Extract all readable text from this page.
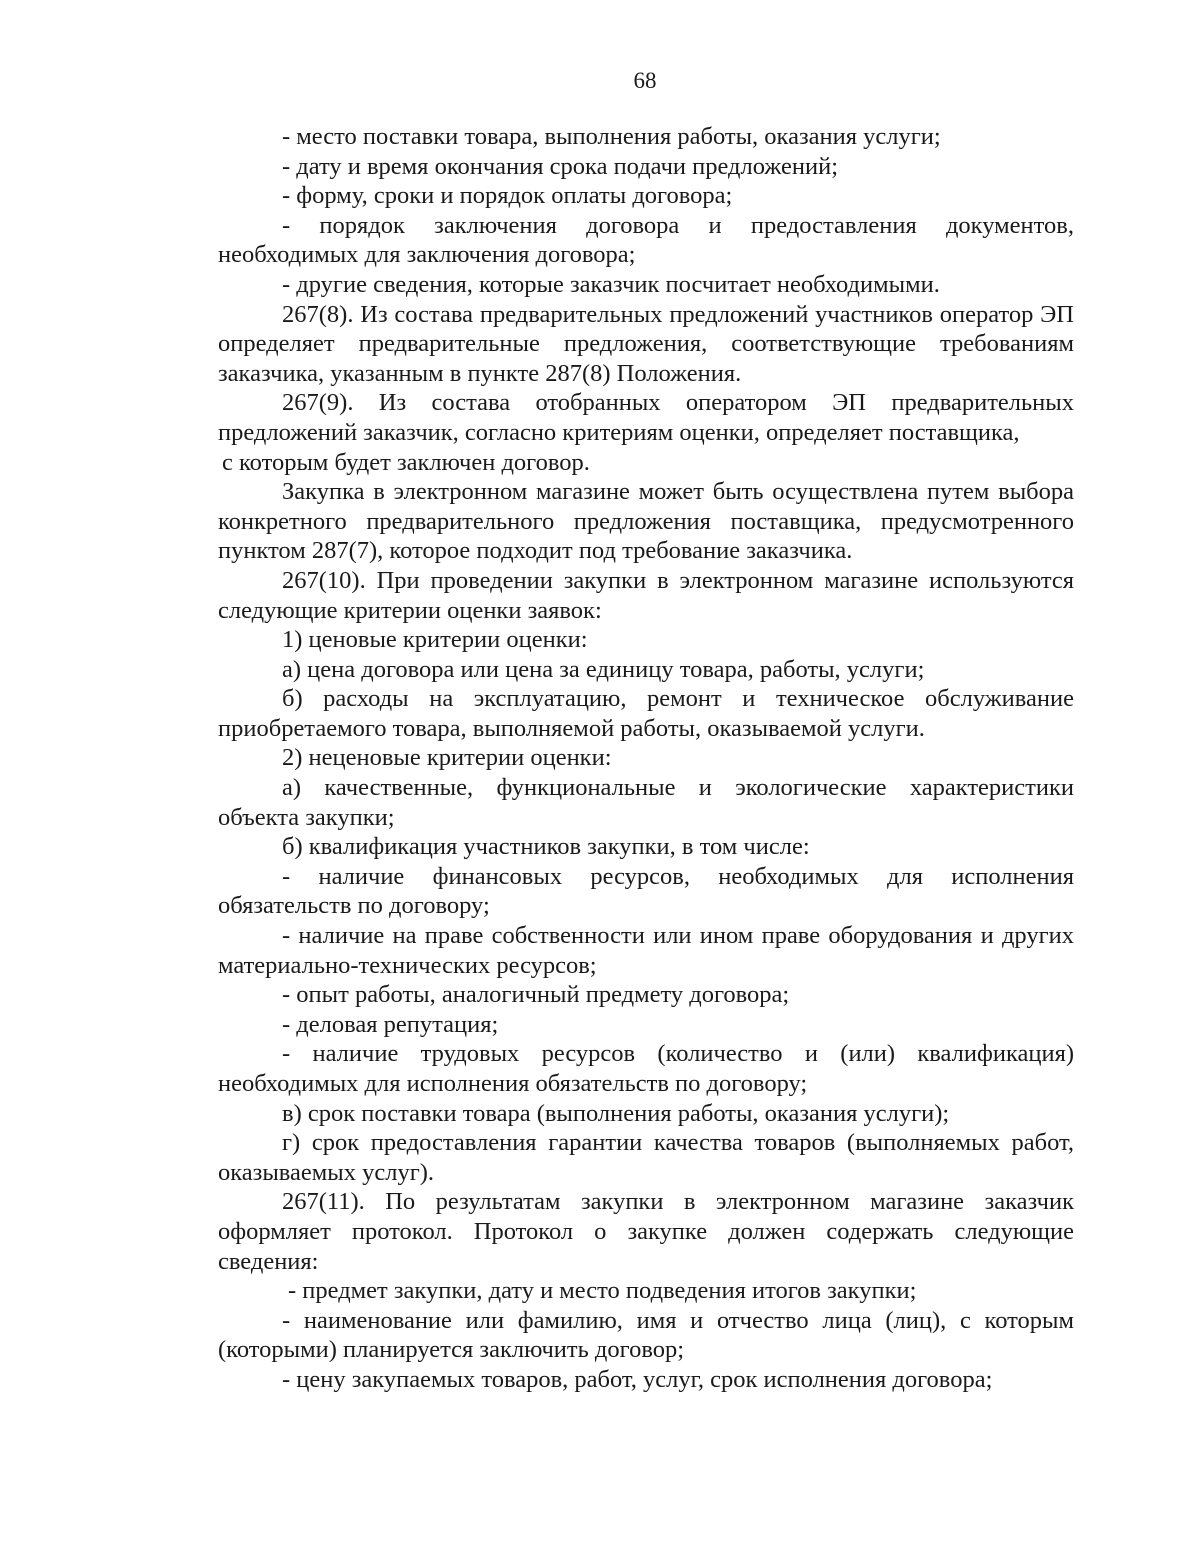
68

- место поставки товара, выполнения работы, оказания услуги;

- дату и время окончания срока подачи предложений;

- форму, сроки и порядок оплаты договора;

- порядок заключения договора и предоставления документов, необходимых для заключения договора;

- другие сведения, которые заказчик посчитает необходимыми.

267(8). Из состава предварительных предложений участников оператор ЭП определяет предварительные предложения, соответствующие требованиям заказчика, указанным в пункте 287(8) Положения.

267(9). Из состава отобранных оператором ЭП предварительных предложений заказчик, согласно критериям оценки, определяет поставщика,

с которым будет заключен договор.

Закупка в электронном магазине может быть осуществлена путем выбора конкретного предварительного предложения поставщика, предусмотренного пунктом 287(7), которое подходит под требование заказчика.

267(10). При проведении закупки в электронном магазине используются следующие критерии оценки заявок:

1) ценовые критерии оценки:

а) цена договора или цена за единицу товара, работы, услуги;

б) расходы на эксплуатацию, ремонт и техническое обслуживание приобретаемого товара, выполняемой работы, оказываемой услуги.

2) неценовые критерии оценки:

а) качественные, функциональные и экологические характеристики объекта закупки;

б) квалификация участников закупки, в том числе:

- наличие финансовых ресурсов, необходимых для исполнения обязательств по договору;

- наличие на праве собственности или ином праве оборудования и других материально-технических ресурсов;

- опыт работы, аналогичный предмету договора;

- деловая репутация;

- наличие трудовых ресурсов (количество и (или) квалификация) необходимых для исполнения обязательств по договору;

в) срок поставки товара (выполнения работы, оказания услуги);

г) срок предоставления гарантии качества товаров (выполняемых работ, оказываемых услуг).

267(11). По результатам закупки в электронном магазине заказчик оформляет протокол. Протокол о закупке должен содержать следующие сведения:

- предмет закупки, дату и место подведения итогов закупки;

- наименование или фамилию, имя и отчество лица (лиц), с которым (которыми) планируется заключить договор;

- цену закупаемых товаров, работ, услуг, срок исполнения договора;
